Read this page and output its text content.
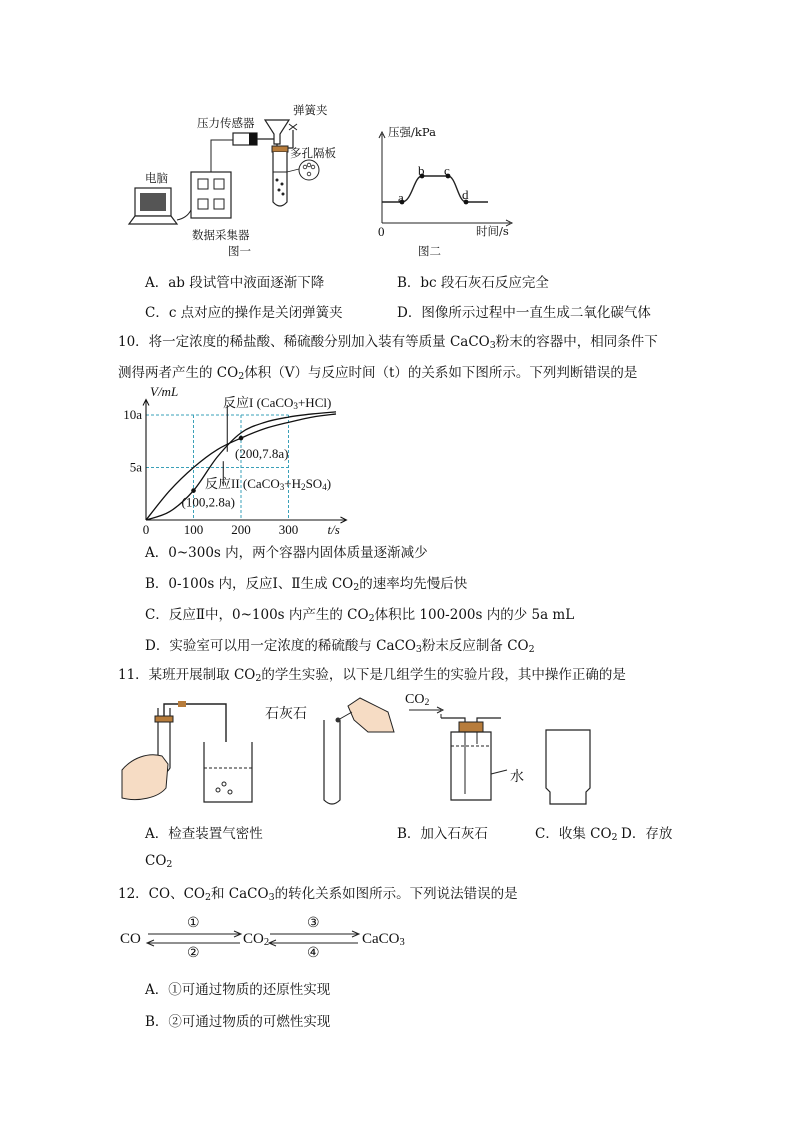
压力传感器
弹簧夹
多孔隔板
电脑
数据采集器
图一
压强/kPa
a
b c
d
0	时间/s
图二
A．ab 段试管中液面逐渐下降	B．bc 段石灰石反应完全
C．c 点对应的操作是关闭弹簧夹	D．图像所示过程中一直生成二氧化碳气体
10．将一定浓度的稀盐酸、稀硫酸分别加入装有等质量 CaCO$_3$粉末的容器中，相同条件下
测得两者产生的 $CO_2$体积（V）与反应时间（t）的关系如下图所示。下列判断错误的是
0	100 200 300
5a
10a
V/mL
t/s
(200,7.8a)
(100,2.8a)
反应I (CaCO$_3$+HCl)
反应II $(CaCO_3+H_2SO_4)$
A．0~300s 内，两个容器内固体质量逐渐减少
B．0-100s 内，反应Ⅰ、Ⅱ生成 $CO_2$的速率均先慢后快
C．反应Ⅱ中，0~100s 内产生的 $CO_2$体积比 100-200s 内的少 5a mL
D．实验室可以用一定浓度的稀硫酸与 CaCO$_3$粉末反应制备 $CO_2$
11．某班开展制取 $CO_2$的学生实验，以下是几组学生的实验片段，其中操作正确的是
石灰石
$CO_2$
水
A．检查装置气密性	B．加入石灰石	C．收集 $CO_2$ D．存放
$CO_2$
12．CO、$CO_2$和 CaCO$_3$的转化关系如图所示。下列说法错误的是
CO	$CO_2$	CaCO$_3$
①
②
③
④
A．①可通过物质的还原性实现
B．②可通过物质的可燃性实现
